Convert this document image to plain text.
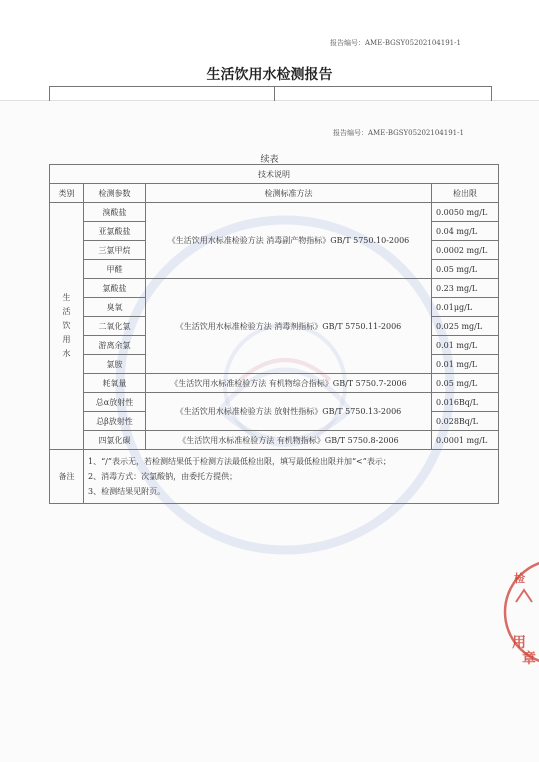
报告编号：AME-BGSY05202104191-1
生活饮用水检测报告
报告编号：AME-BGSY05202104191-1
续表
技术说明			
类别	检测参数	检测标准方法	检出限

生
活
饮
用
水	溴酸盐	《生活饮用水标准检验方法 消毒副产物指标》GB/T 5750.10-2006	0.0050 mg/L
	亚氯酸盐		0.04 mg/L
	三氯甲烷		0.0002 mg/L
	甲醛		0.05 mg/L
	氯酸盐	《生活饮用水标准检验方法 消毒剂指标》GB/T 5750.11-2006	0.23 mg/L
	臭氧		0.01μg/L
	二氧化氯		0.025 mg/L
	游离余氯		0.01 mg/L
	氯胺		0.01 mg/L
	耗氧量	《生活饮用水标准检验方法 有机物综合指标》GB/T 5750.7-2006	0.05 mg/L
	总α放射性	《生活饮用水标准检验方法 放射性指标》GB/T 5750.13-2006	0.016Bq/L
	总β放射性		0.028Bq/L
	四氯化碳	《生活饮用水标准检验方法 有机物指标》GB/T 5750.8-2006	0.0001 mg/L
备注	1、“/”表示无，若检测结果低于检测方法最低检出限，填写最低检出限并加“<”表示；
2、消毒方式：次氯酸钠，由委托方提供；
3、检测结果见附页。		
检
用
章
